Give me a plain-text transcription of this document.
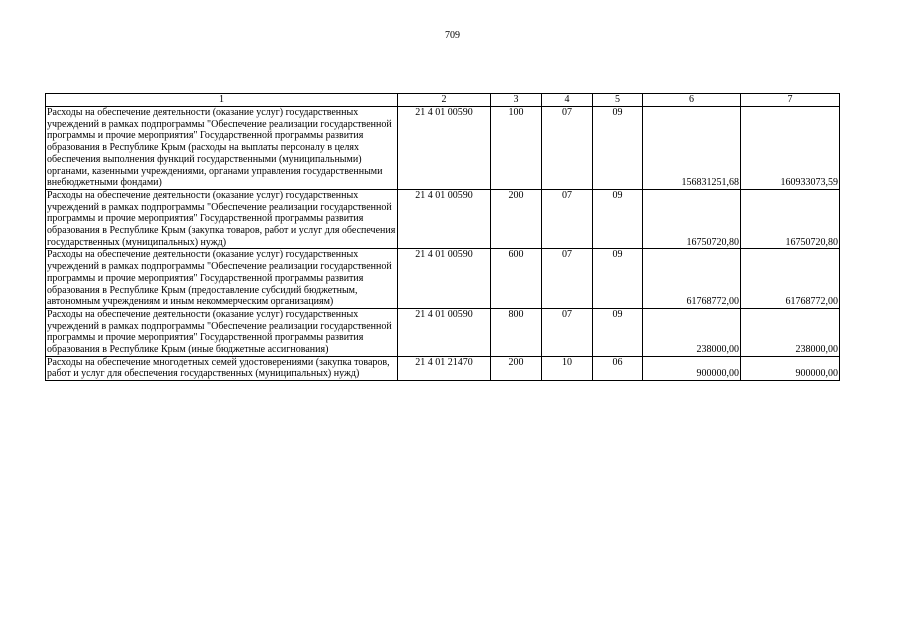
709
1	2	3	4	5	6	7
Расходы на обеспечение деятельности (оказание услуг) государственных учреждений в рамках подпрограммы "Обеспечение реализации государственной программы и прочие мероприятия" Государственной программы развития образования в Республике Крым (расходы на выплаты персоналу в целях обеспечения выполнения функций государственными (муниципальными) органами, казенными учреждениями, органами управления государственными внебюджетными фондами)	21 4 01 00590	100	07	09	156831251,68	160933073,59
Расходы на обеспечение деятельности (оказание услуг) государственных учреждений в рамках подпрограммы "Обеспечение реализации государственной программы и прочие мероприятия" Государственной программы развития образования в Республике Крым (закупка товаров, работ и услуг для обеспечения государственных (муниципальных) нужд)	21 4 01 00590	200	07	09	16750720,80	16750720,80
Расходы на обеспечение деятельности (оказание услуг) государственных учреждений в рамках подпрограммы "Обеспечение реализации государственной программы и прочие мероприятия" Государственной программы развития образования в Республике Крым (предоставление субсидий бюджетным, автономным учреждениям и иным некоммерческим организациям)	21 4 01 00590	600	07	09	61768772,00	61768772,00
Расходы на обеспечение деятельности (оказание услуг) государственных учреждений в рамках подпрограммы "Обеспечение реализации государственной программы и прочие мероприятия" Государственной программы развития образования в Республике Крым (иные бюджетные ассигнования)	21 4 01 00590	800	07	09	238000,00	238000,00
Расходы на обеспечение многодетных семей удостоверениями (закупка товаров, работ и услуг для обеспечения государственных (муниципальных) нужд)	21 4 01 21470	200	10	06	900000,00	900000,00
